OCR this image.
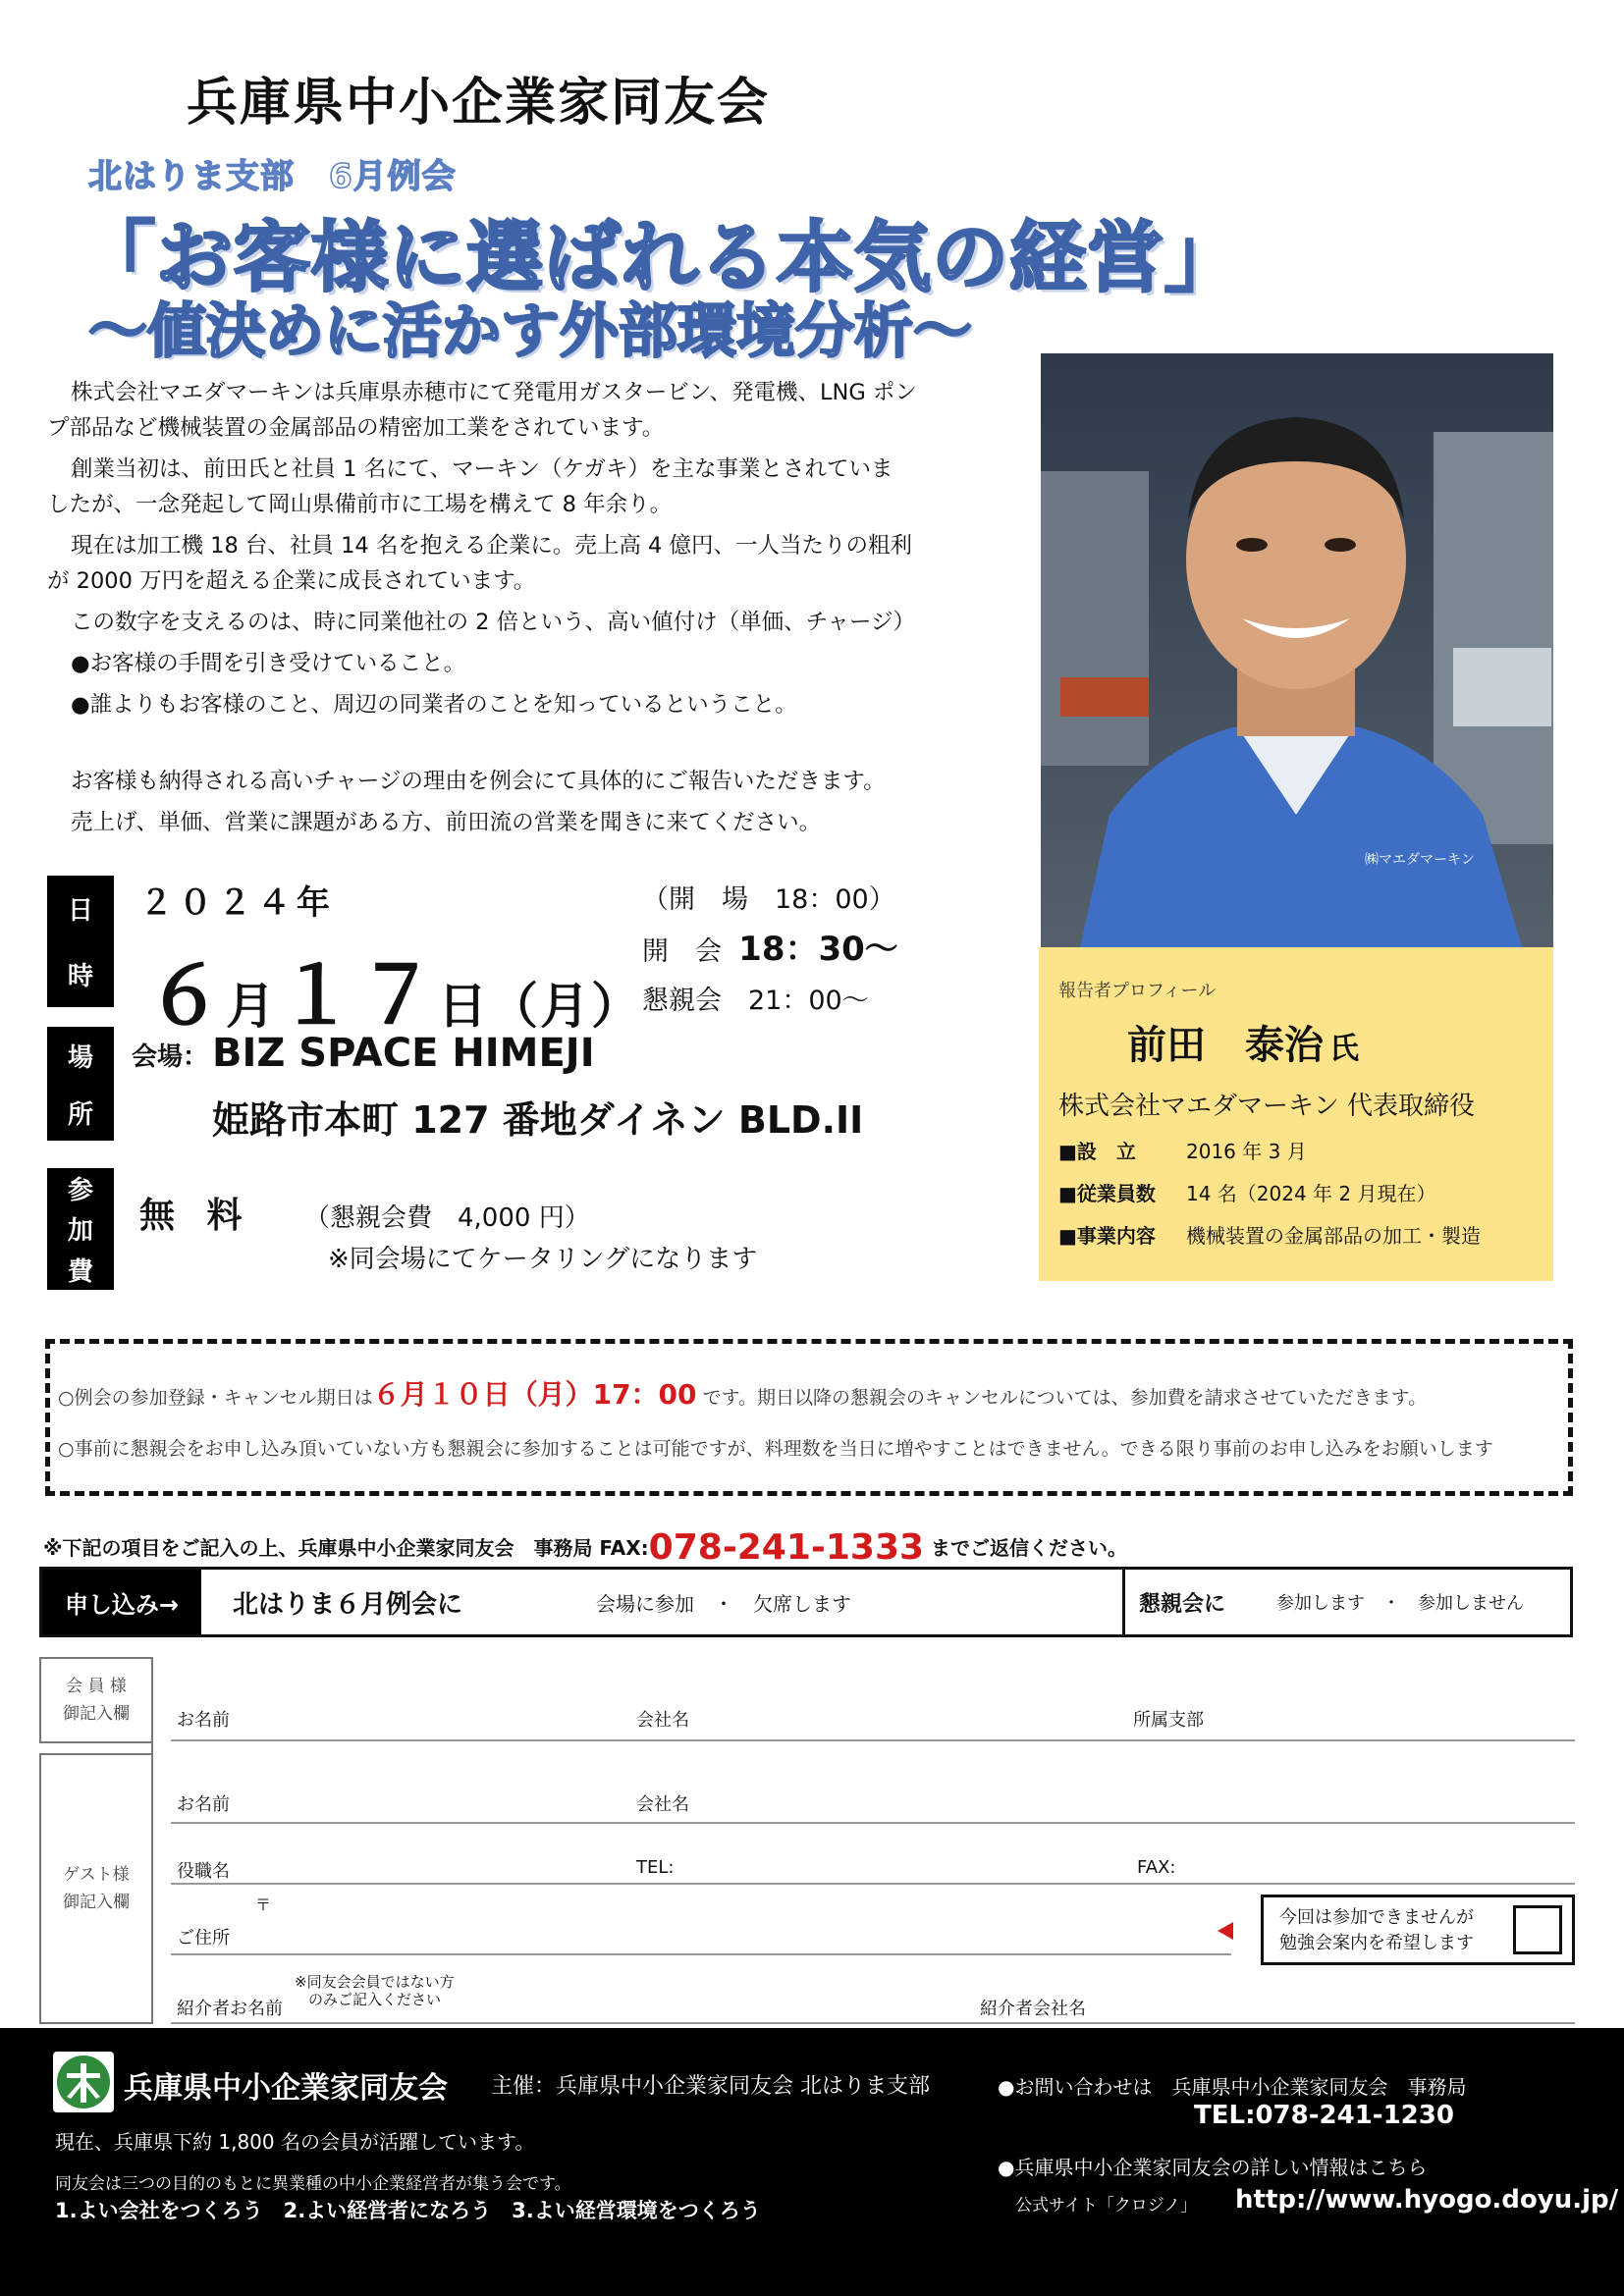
兵庫県中小企業家同友会
北はりま支部　6月例会
「お客様に選ばれる本気の経営」
～値決めに活かす外部環境分析～

株式会社マエダマーキンは兵庫県赤穂市にて発電用ガスタービン、発電機、LNG ポン

プ部品など機械装置の金属部品の精密加工業をされています。

創業当初は、前田氏と社員 1 名にて、マーキン（ケガキ）を主な事業とされていま

したが、一念発起して岡山県備前市に工場を構えて 8 年余り。

現在は加工機 18 台、社員 14 名を抱える企業に。売上高 4 億円、一人当たりの粗利

が 2000 万円を超える企業に成長されています。

この数字を支えるのは、時に同業他社の 2 倍という、高い値付け（単価、チャージ）

●お客様の手間を引き受けていること。

●誰よりもお客様のこと、周辺の同業者のことを知っているということ。

お客様も納得される高いチャージの理由を例会にて具体的にご報告いただきます。

売上げ、単価、営業に課題がある方、前田流の営業を聞きに来てください。

㈱マエダマーキン
報告者プロフィール
前田　泰治 氏
株式会社マエダマーキン 代表取締役
■設　立	2016 年 3 月
■従業員数 14 名（2024 年 2 月現在）
■事業内容 機械装置の金属部品の加工・製造
日
時
２０２４年
６月１７日（月）
（開　場　18：00）
開　会 18：30～
懇親会　21：00～
場
所
会場： BIZ SPACE HIMEJI
姫路市本町 127 番地ダイネン BLD.II
参
加
費
無 料 （懇親会費　4,000 円）
※同会場にてケータリングになります

○例会の参加登録・キャンセル期日は６月１０日（月）17：00 です。期日以降の懇親会のキャンセルについては、参加費を請求させていただきます。

○事前に懇親会をお申し込み頂いていない方も懇親会に参加することは可能ですが、料理数を当日に増やすことはできません。できる限り事前のお申し込みをお願いします

※下記の項目をご記入の上、兵庫県中小企業家同友会　事務局 FAX:078-241-1333 までご返信ください。
申し込み→	北はりま６月例会に	会場に参加　・　欠席します	懇親会に	参加します　・　参加しません
会 員 様
御記入欄
ゲスト様
御記入欄
お名前	会社名	所属支部
お名前	会社名
役職名	TEL:	FAX:
〒
ご住所
今回は参加できませんが
勉強会案内を希望します
※同友会会員ではない方
のみご記入ください
紹介者お名前	紹介者会社名
兵庫県中小企業家同友会 主催：兵庫県中小企業家同友会 北はりま支部
現在、兵庫県下約 1,800 名の会員が活躍しています。
同友会は三つの目的のもとに異業種の中小企業経営者が集う会です。
1.よい会社をつくろう　2.よい経営者になろう　3.よい経営環境をつくろう
●お問い合わせは　兵庫県中小企業家同友会　事務局
TEL:078-241-1230
●兵庫県中小企業家同友会の詳しい情報はこちら
公式サイト「クロジノ」 http://www.hyogo.doyu.jp/
